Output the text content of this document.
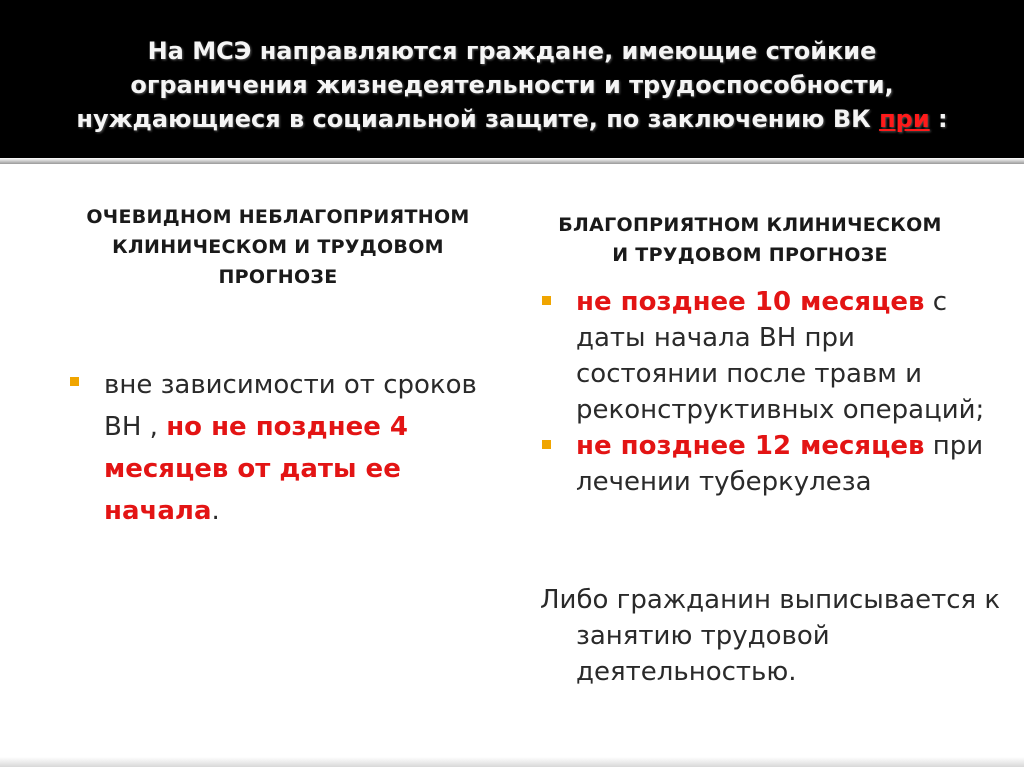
На МСЭ направляются граждане, имеющие стойкие
ограничения жизнедеятельности и трудоспособности,
нуждающиеся в социальной защите, по заключению ВК при :
ОЧЕВИДНОМ НЕБЛАГОПРИЯТНОМ
КЛИНИЧЕСКОМ И ТРУДОВОМ
ПРОГНОЗЕ
вне зависимости от сроков ВН , но не позднее 4 месяцев от даты ее начала.
БЛАГОПРИЯТНОМ КЛИНИЧЕСКОМ
И ТРУДОВОМ ПРОГНОЗЕ
не позднее 10 месяцев с даты начала ВН при состоянии после травм и реконструктивных операций;
не позднее 12 месяцев при лечении туберкулеза
Либо гражданин выписывается к занятию трудовой деятельностью.
